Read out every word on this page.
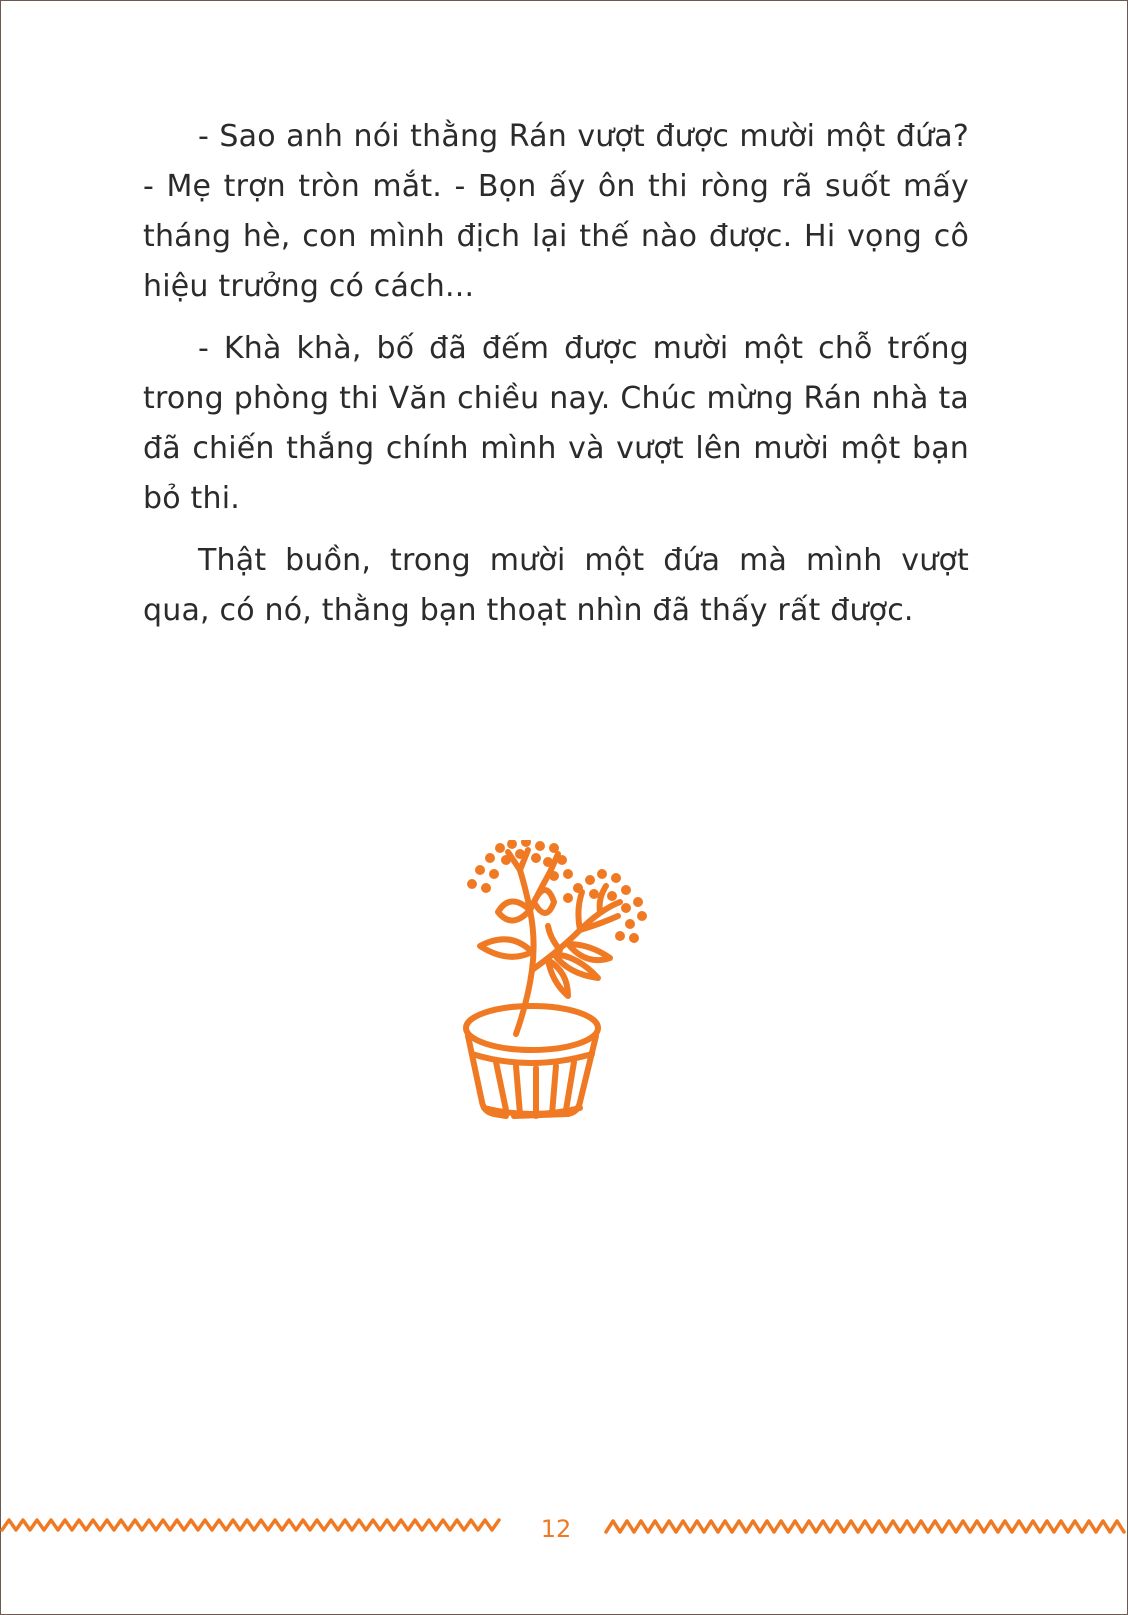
- Sao anh nói thằng Rán vượt được mười một đứa? - Mẹ trợn tròn mắt. - Bọn ấy ôn thi ròng rã suốt mấy tháng hè, con mình địch lại thế nào được. Hi vọng cô hiệu trưởng có cách...

- Khà khà, bố đã đếm được mười một chỗ trống trong phòng thi Văn chiều nay. Chúc mừng Rán nhà ta đã chiến thắng chính mình và vượt lên mười một bạn bỏ thi.

Thật buồn, trong mười một đứa mà mình vượt qua, có nó, thằng bạn thoạt nhìn đã thấy rất được.

12
